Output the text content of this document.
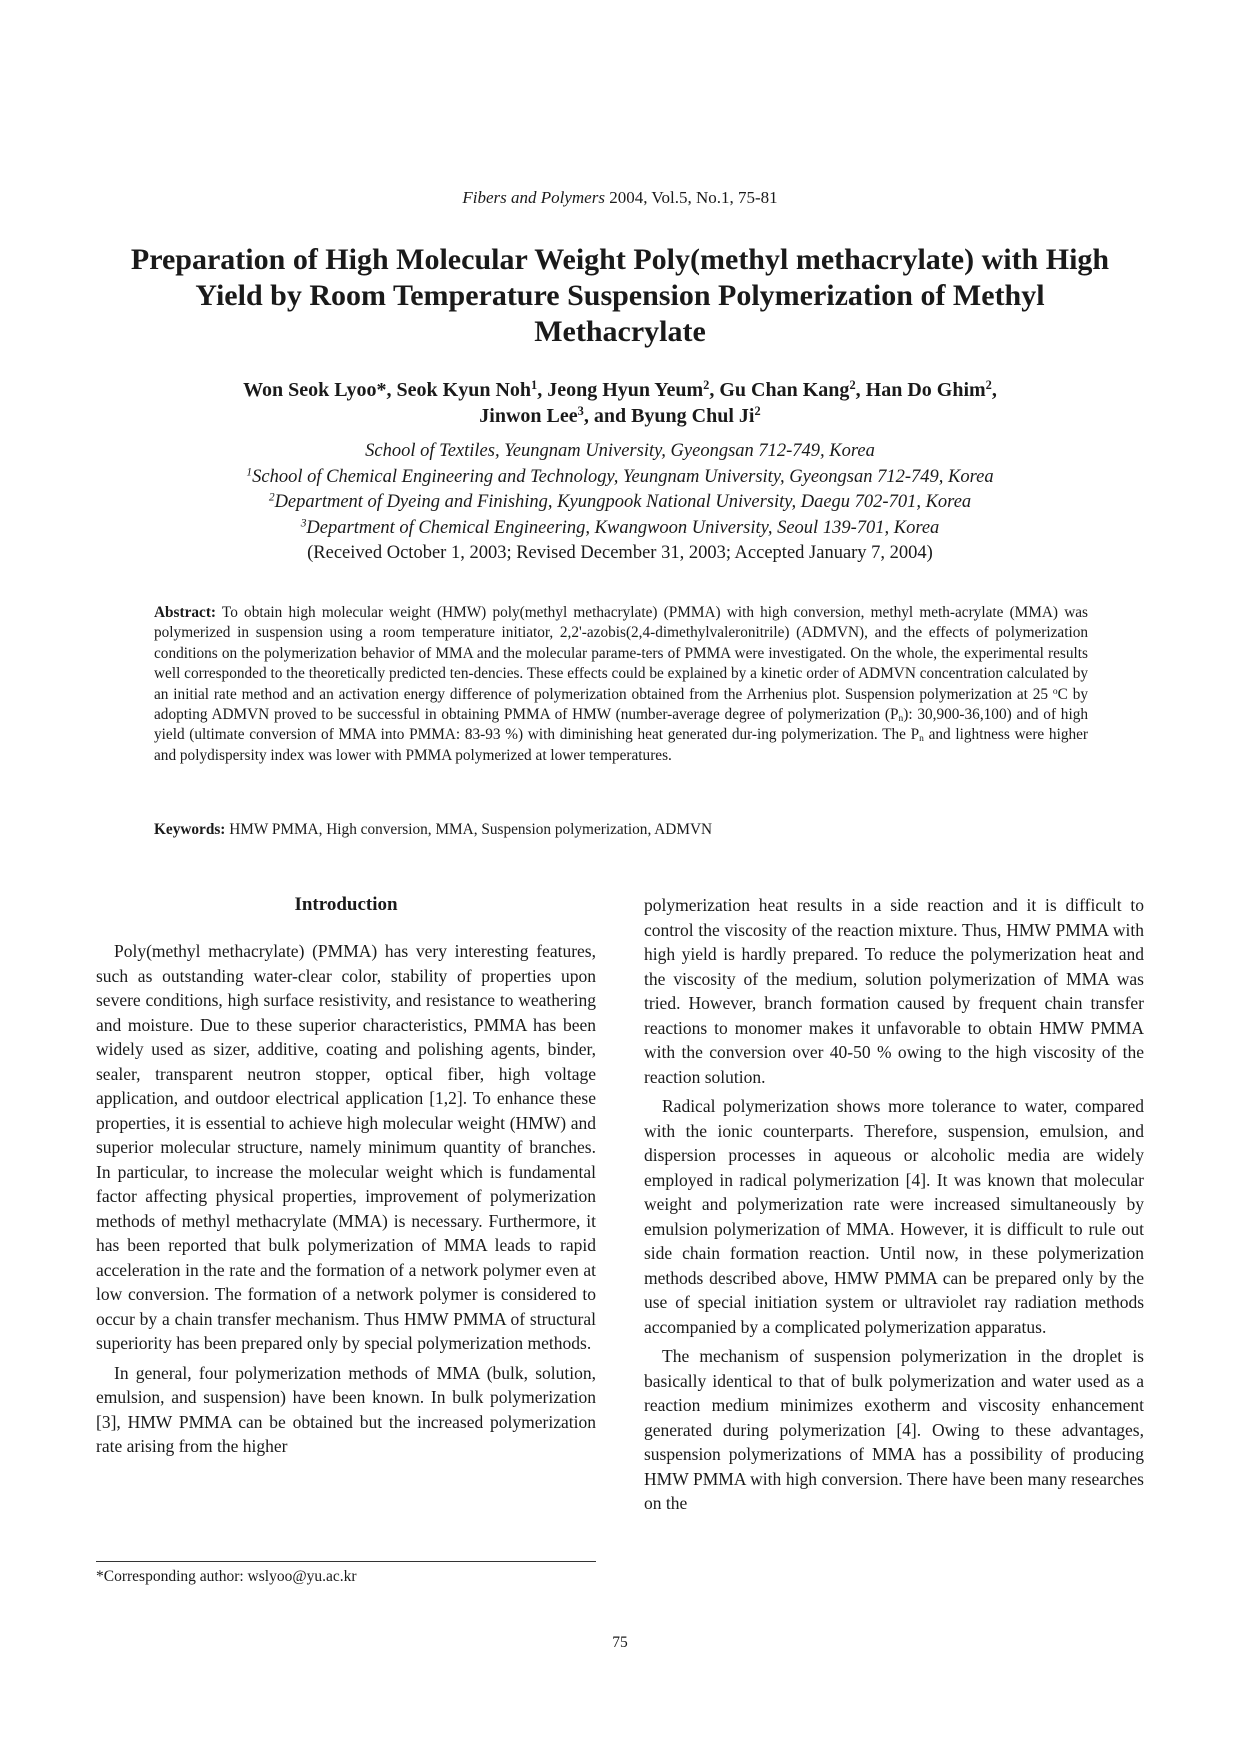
Fibers and Polymers 2004, Vol.5, No.1, 75-81
Preparation of High Molecular Weight Poly(methyl methacrylate) with High Yield by Room Temperature Suspension Polymerization of Methyl Methacrylate
Won Seok Lyoo*, Seok Kyun Noh$^1$, Jeong Hyun Yeum$^2$, Gu Chan Kang$^2$, Han Do Ghim$^2$,
Jinwon Lee$^3$, and Byung Chul Ji$^2$
School of Textiles, Yeungnam University, Gyeongsan 712-749, Korea
$^1$School of Chemical Engineering and Technology, Yeungnam University, Gyeongsan 712-749, Korea
$^2$Department of Dyeing and Finishing, Kyungpook National University, Daegu 702-701, Korea
$^3$Department of Chemical Engineering, Kwangwoon University, Seoul 139-701, Korea
(Received October 1, 2003; Revised December 31, 2003; Accepted January 7, 2004)
Abstract: To obtain high molecular weight (HMW) poly(methyl methacrylate) (PMMA) with high conversion, methyl meth-acrylate (MMA) was polymerized in suspension using a room temperature initiator, 2,2'-azobis(2,4-dimethylvaleronitrile) (ADMVN), and the effects of polymerization conditions on the polymerization behavior of MMA and the molecular parame-ters of PMMA were investigated. On the whole, the experimental results well corresponded to the theoretically predicted ten-dencies. These effects could be explained by a kinetic order of ADMVN concentration calculated by an initial rate method and an activation energy difference of polymerization obtained from the Arrhenius plot. Suspension polymerization at 25 $^o$C by adopting ADMVN proved to be successful in obtaining PMMA of HMW (number-average degree of polymerization $(P_n)$: 30,900-36,100) and of high yield (ultimate conversion of MMA into PMMA: 83-93 %) with diminishing heat generated dur-ing polymerization. The $P_n$ and lightness were higher and polydispersity index was lower with PMMA polymerized at lower temperatures.
Keywords: HMW PMMA, High conversion, MMA, Suspension polymerization, ADMVN
Introduction

Poly(methyl methacrylate) (PMMA) has very interesting features, such as outstanding water-clear color, stability of properties upon severe conditions, high surface resistivity, and resistance to weathering and moisture. Due to these superior characteristics, PMMA has been widely used as sizer, additive, coating and polishing agents, binder, sealer, transparent neutron stopper, optical fiber, high voltage application, and outdoor electrical application [1,2]. To enhance these properties, it is essential to achieve high molecular weight (HMW) and superior molecular structure, namely minimum quantity of branches. In particular, to increase the molecular weight which is fundamental factor affecting physical properties, improvement of polymerization methods of methyl methacrylate (MMA) is necessary. Furthermore, it has been reported that bulk polymerization of MMA leads to rapid acceleration in the rate and the formation of a network polymer even at low conversion. The formation of a network polymer is considered to occur by a chain transfer mechanism. Thus HMW PMMA of structural superiority has been prepared only by special polymerization methods.

In general, four polymerization methods of MMA (bulk, solution, emulsion, and suspension) have been known. In bulk polymerization [3], HMW PMMA can be obtained but the increased polymerization rate arising from the higher

polymerization heat results in a side reaction and it is difficult to control the viscosity of the reaction mixture. Thus, HMW PMMA with high yield is hardly prepared. To reduce the polymerization heat and the viscosity of the medium, solution polymerization of MMA was tried. However, branch formation caused by frequent chain transfer reactions to monomer makes it unfavorable to obtain HMW PMMA with the conversion over 40-50 % owing to the high viscosity of the reaction solution.

Radical polymerization shows more tolerance to water, compared with the ionic counterparts. Therefore, suspension, emulsion, and dispersion processes in aqueous or alcoholic media are widely employed in radical polymerization [4]. It was known that molecular weight and polymerization rate were increased simultaneously by emulsion polymerization of MMA. However, it is difficult to rule out side chain formation reaction. Until now, in these polymerization methods described above, HMW PMMA can be prepared only by the use of special initiation system or ultraviolet ray radiation methods accompanied by a complicated polymerization apparatus.

The mechanism of suspension polymerization in the droplet is basically identical to that of bulk polymerization and water used as a reaction medium minimizes exotherm and viscosity enhancement generated during polymerization [4]. Owing to these advantages, suspension polymerizations of MMA has a possibility of producing HMW PMMA with high conversion. There have been many researches on the

*Corresponding author: wslyoo@yu.ac.kr
75
